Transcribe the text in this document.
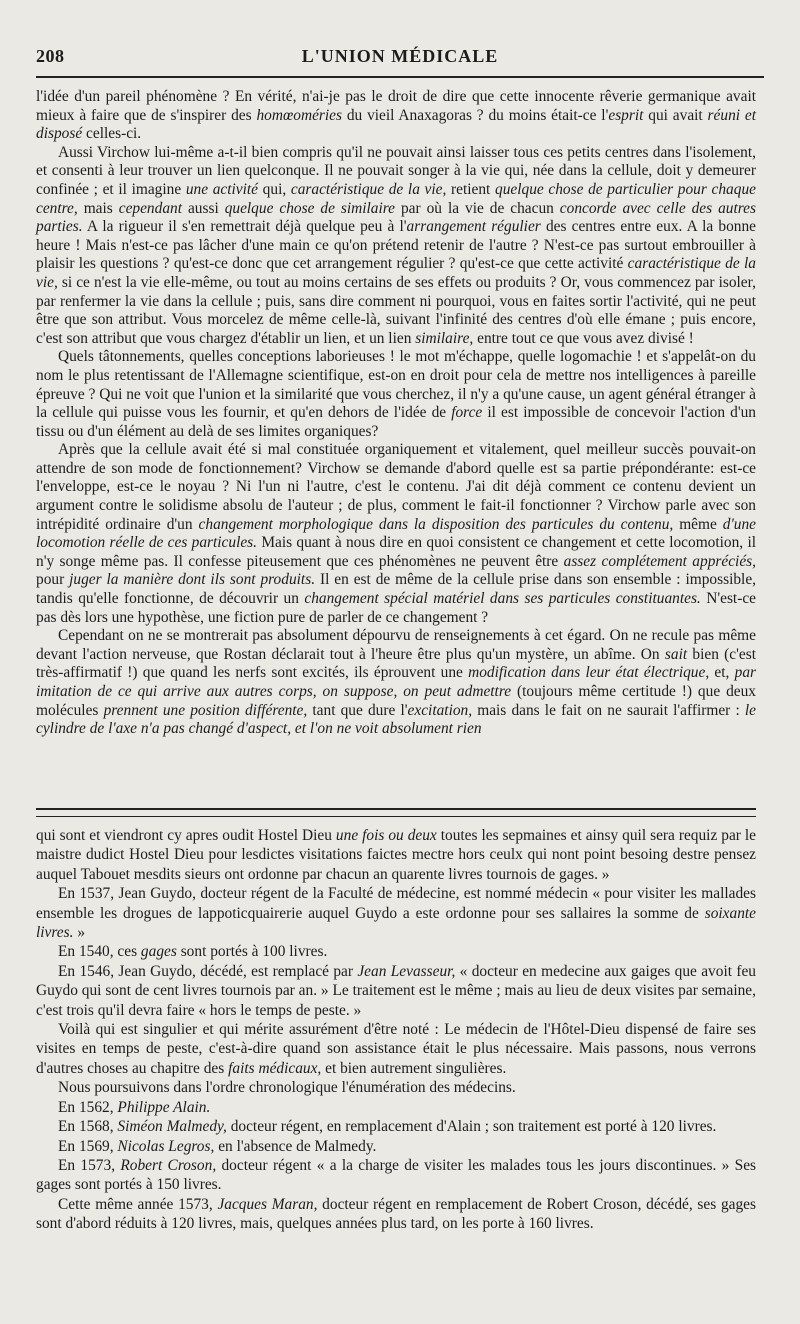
208	L'UNION MÉDICALE

l'idée d'un pareil phénomène ? En vérité, n'ai-je pas le droit de dire que cette innocente rêverie germanique avait mieux à faire que de s'inspirer des homœoméries du vieil Anaxagoras ? du moins était-ce l'esprit qui avait réuni et disposé celles-ci.

Aussi Virchow lui-même a-t-il bien compris qu'il ne pouvait ainsi laisser tous ces petits centres dans l'isolement, et consenti à leur trouver un lien quelconque. Il ne pouvait songer à la vie qui, née dans la cellule, doit y demeurer confinée ; et il imagine une activité qui, caractéristique de la vie, retient quelque chose de particulier pour chaque centre, mais cependant aussi quelque chose de similaire par où la vie de chacun concorde avec celle des autres parties. A la rigueur il s'en remettrait déjà quelque peu à l'arrangement régulier des centres entre eux. A la bonne heure ! Mais n'est-ce pas lâcher d'une main ce qu'on prétend retenir de l'autre ? N'est-ce pas surtout embrouiller à plaisir les questions ? qu'est-ce donc que cet arrangement régulier ? qu'est-ce que cette activité caractéristique de la vie, si ce n'est la vie elle-même, ou tout au moins certains de ses effets ou produits ? Or, vous commencez par isoler, par renfermer la vie dans la cellule ; puis, sans dire comment ni pourquoi, vous en faites sortir l'activité, qui ne peut être que son attribut. Vous morcelez de même celle-là, suivant l'infinité des centres d'où elle émane ; puis encore, c'est son attribut que vous chargez d'établir un lien, et un lien similaire, entre tout ce que vous avez divisé !

Quels tâtonnements, quelles conceptions laborieuses ! le mot m'échappe, quelle logomachie ! et s'appelât-on du nom le plus retentissant de l'Allemagne scientifique, est-on en droit pour cela de mettre nos intelligences à pareille épreuve ? Qui ne voit que l'union et la similarité que vous cherchez, il n'y a qu'une cause, un agent général étranger à la cellule qui puisse vous les fournir, et qu'en dehors de l'idée de force il est impossible de concevoir l'action d'un tissu ou d'un élément au delà de ses limites organiques?

Après que la cellule avait été si mal constituée organiquement et vitalement, quel meilleur succès pouvait-on attendre de son mode de fonctionnement? Virchow se demande d'abord quelle est sa partie prépondérante: est-ce l'enveloppe, est-ce le noyau ? Ni l'un ni l'autre, c'est le contenu. J'ai dit déjà comment ce contenu devient un argument contre le solidisme absolu de l'auteur ; de plus, comment le fait-il fonctionner ? Virchow parle avec son intrépidité ordinaire d'un changement morphologique dans la disposition des particules du contenu, même d'une locomotion réelle de ces particules. Mais quant à nous dire en quoi consistent ce changement et cette locomotion, il n'y songe même pas. Il confesse piteusement que ces phénomènes ne peuvent être assez complétement appréciés, pour juger la manière dont ils sont produits. Il en est de même de la cellule prise dans son ensemble : impossible, tandis qu'elle fonctionne, de découvrir un changement spécial matériel dans ses particules constituantes. N'est-ce pas dès lors une hypothèse, une fiction pure de parler de ce changement ?

Cependant on ne se montrerait pas absolument dépourvu de renseignements à cet égard. On ne recule pas même devant l'action nerveuse, que Rostan déclarait tout à l'heure être plus qu'un mystère, un abîme. On sait bien (c'est très-affirmatif !) que quand les nerfs sont excités, ils éprouvent une modification dans leur état électrique, et, par imitation de ce qui arrive aux autres corps, on suppose, on peut admettre (toujours même certitude !) que deux molécules prennent une position différente, tant que dure l'excitation, mais dans le fait on ne saurait l'affirmer : le cylindre de l'axe n'a pas changé d'aspect, et l'on ne voit absolument rien

qui sont et viendront cy apres oudit Hostel Dieu une fois ou deux toutes les sepmaines et ainsy quil sera requiz par le maistre dudict Hostel Dieu pour lesdictes visitations faictes mectre hors ceulx qui nont point besoing destre pensez auquel Tabouet mesdits sieurs ont ordonne par chacun an quarente livres tournois de gages. »

En 1537, Jean Guydo, docteur régent de la Faculté de médecine, est nommé médecin « pour visiter les mallades ensemble les drogues de lappoticquairerie auquel Guydo a este ordonne pour ses sallaires la somme de soixante livres. »

En 1540, ces gages sont portés à 100 livres.

En 1546, Jean Guydo, décédé, est remplacé par Jean Levasseur, « docteur en medecine aux gaiges que avoit feu Guydo qui sont de cent livres tournois par an. » Le traitement est le même ; mais au lieu de deux visites par semaine, c'est trois qu'il devra faire « hors le temps de peste. »

Voilà qui est singulier et qui mérite assurément d'être noté : Le médecin de l'Hôtel-Dieu dispensé de faire ses visites en temps de peste, c'est-à-dire quand son assistance était le plus nécessaire. Mais passons, nous verrons d'autres choses au chapitre des faits médicaux, et bien autrement singulières.

Nous poursuivons dans l'ordre chronologique l'énumération des médecins.

En 1562, Philippe Alain.

En 1568, Siméon Malmedy, docteur régent, en remplacement d'Alain ; son traitement est porté à 120 livres.

En 1569, Nicolas Legros, en l'absence de Malmedy.

En 1573, Robert Croson, docteur régent « a la charge de visiter les malades tous les jours discontinues. » Ses gages sont portés à 150 livres.

Cette même année 1573, Jacques Maran, docteur régent en remplacement de Robert Croson, décédé, ses gages sont d'abord réduits à 120 livres, mais, quelques années plus tard, on les porte à 160 livres.
